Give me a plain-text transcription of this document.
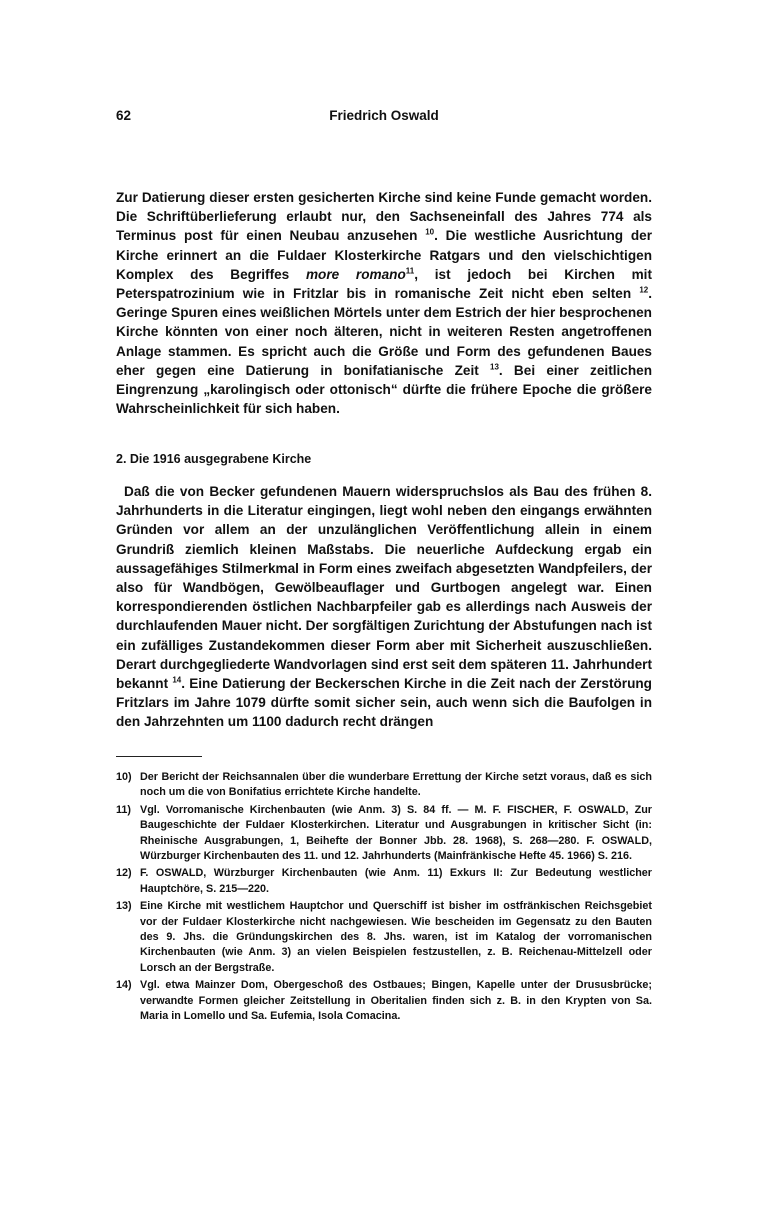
62	Friedrich Oswald

Zur Datierung dieser ersten gesicherten Kirche sind keine Funde gemacht worden. Die Schriftüberlieferung erlaubt nur, den Sachseneinfall des Jahres 774 als Terminus post für einen Neubau anzusehen $^{10}$. Die westliche Ausrichtung der Kirche erinnert an die Fuldaer Klosterkirche Ratgars und den vielschichtigen Komplex des Begriffes more romano$^{11}$, ist jedoch bei Kirchen mit Peterspatrozinium wie in Fritzlar bis in romanische Zeit nicht eben selten $^{12}$. Geringe Spuren eines weißlichen Mörtels unter dem Estrich der hier besprochenen Kirche könnten von einer noch älteren, nicht in weiteren Resten angetroffenen Anlage stammen. Es spricht auch die Größe und Form des gefundenen Baues eher gegen eine Datierung in bonifatianische Zeit $^{13}$. Bei einer zeitlichen Eingrenzung „karolingisch oder ottonisch“ dürfte die frühere Epoche die größere Wahrscheinlichkeit für sich haben.

2. Die 1916 ausgegrabene Kirche

Daß die von Becker gefundenen Mauern widerspruchslos als Bau des frühen 8. Jahrhunderts in die Literatur eingingen, liegt wohl neben den eingangs erwähnten Gründen vor allem an der unzulänglichen Veröffentlichung allein in einem Grundriß ziemlich kleinen Maßstabs. Die neuerliche Aufdeckung ergab ein aussagefähiges Stilmerkmal in Form eines zweifach abgesetzten Wandpfeilers, der also für Wandbögen, Gewölbeauflager und Gurtbogen angelegt war. Einen korrespondierenden östlichen Nachbarpfeiler gab es allerdings nach Ausweis der durchlaufenden Mauer nicht. Der sorgfältigen Zurichtung der Abstufungen nach ist ein zufälliges Zustandekommen dieser Form aber mit Sicherheit auszuschließen. Derart durchgegliederte Wandvorlagen sind erst seit dem späteren 11. Jahrhundert bekannt $^{14}$. Eine Datierung der Beckerschen Kirche in die Zeit nach der Zerstörung Fritzlars im Jahre 1079 dürfte somit sicher sein, auch wenn sich die Baufolgen in den Jahrzehnten um 1100 dadurch recht drängen

10) Der Bericht der Reichsannalen über die wunderbare Errettung der Kirche setzt voraus, daß es sich noch um die von Bonifatius errichtete Kirche handelte.
11) Vgl. Vorromanische Kirchenbauten (wie Anm. 3) S. 84 ff. — M. F. FISCHER, F. OSWALD, Zur Baugeschichte der Fuldaer Klosterkirchen. Literatur und Ausgrabungen in kritischer Sicht (in: Rheinische Ausgrabungen, 1, Beihefte der Bonner Jbb. 28. 1968), S. 268—280. F. OSWALD, Würzburger Kirchenbauten des 11. und 12. Jahrhunderts (Mainfränkische Hefte 45. 1966) S. 216.
12) F. OSWALD, Würzburger Kirchenbauten (wie Anm. 11) Exkurs II: Zur Bedeutung westlicher Hauptchöre, S. 215—220.
13) Eine Kirche mit westlichem Hauptchor und Querschiff ist bisher im ostfränkischen Reichsgebiet vor der Fuldaer Klosterkirche nicht nachgewiesen. Wie bescheiden im Gegensatz zu den Bauten des 9. Jhs. die Gründungskirchen des 8. Jhs. waren, ist im Katalog der vorromanischen Kirchenbauten (wie Anm. 3) an vielen Beispielen festzustellen, z. B. Reichenau-Mittelzell oder Lorsch an der Bergstraße.
14) Vgl. etwa Mainzer Dom, Obergeschoß des Ostbaues; Bingen, Kapelle unter der Drususbrücke; verwandte Formen gleicher Zeitstellung in Oberitalien finden sich z. B. in den Krypten von Sa. Maria in Lomello und Sa. Eufemia, Isola Comacina.
